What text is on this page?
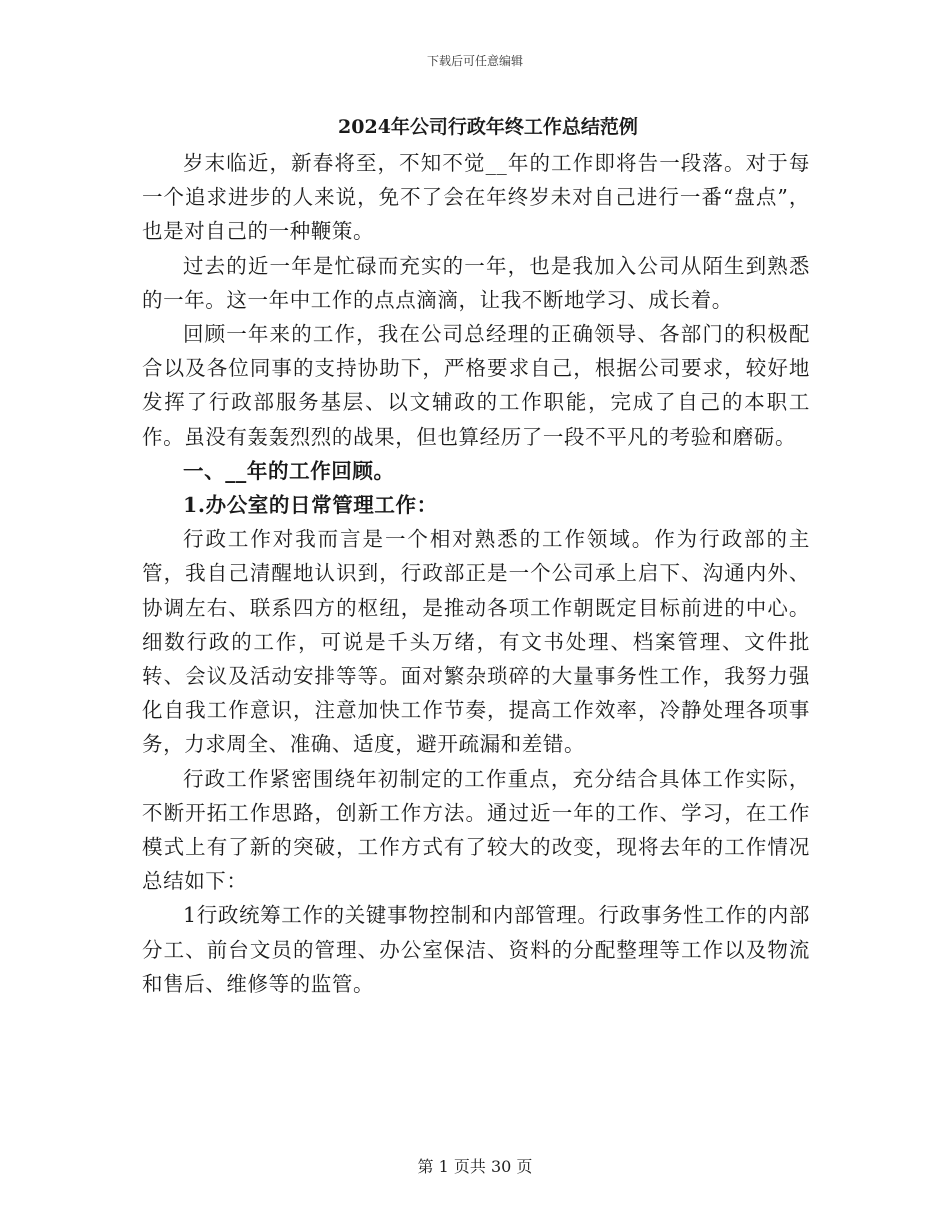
下载后可任意编辑
2024年公司行政年终工作总结范例

岁末临近，新春将至，不知不觉__年的工作即将告一段落。对于每一个追求进步的人来说，免不了会在年终岁未对自己进行一番“盘点”，也是对自己的一种鞭策。

过去的近一年是忙碌而充实的一年，也是我加入公司从陌生到熟悉的一年。这一年中工作的点点滴滴，让我不断地学习、成长着。

回顾一年来的工作，我在公司总经理的正确领导、各部门的积极配合以及各位同事的支持协助下，严格要求自己，根据公司要求，较好地发挥了行政部服务基层、以文辅政的工作职能，完成了自己的本职工作。虽没有轰轰烈烈的战果，但也算经历了一段不平凡的考验和磨砺。

一、__年的工作回顾。

1.办公室的日常管理工作：

行政工作对我而言是一个相对熟悉的工作领域。作为行政部的主管，我自己清醒地认识到，行政部正是一个公司承上启下、沟通内外、协调左右、联系四方的枢纽，是推动各项工作朝既定目标前进的中心。细数行政的工作，可说是千头万绪，有文书处理、档案管理、文件批转、会议及活动安排等等。面对繁杂琐碎的大量事务性工作，我努力强化自我工作意识，注意加快工作节奏，提高工作效率，冷静处理各项事务，力求周全、准确、适度，避开疏漏和差错。

行政工作紧密围绕年初制定的工作重点，充分结合具体工作实际，不断开拓工作思路，创新工作方法。通过近一年的工作、学习，在工作模式上有了新的突破，工作方式有了较大的改变，现将去年的工作情况总结如下：

1行政统筹工作的关键事物控制和内部管理。行政事务性工作的内部分工、前台文员的管理、办公室保洁、资料的分配整理等工作以及物流和售后、维修等的监管。

第 1 页共 30 页
